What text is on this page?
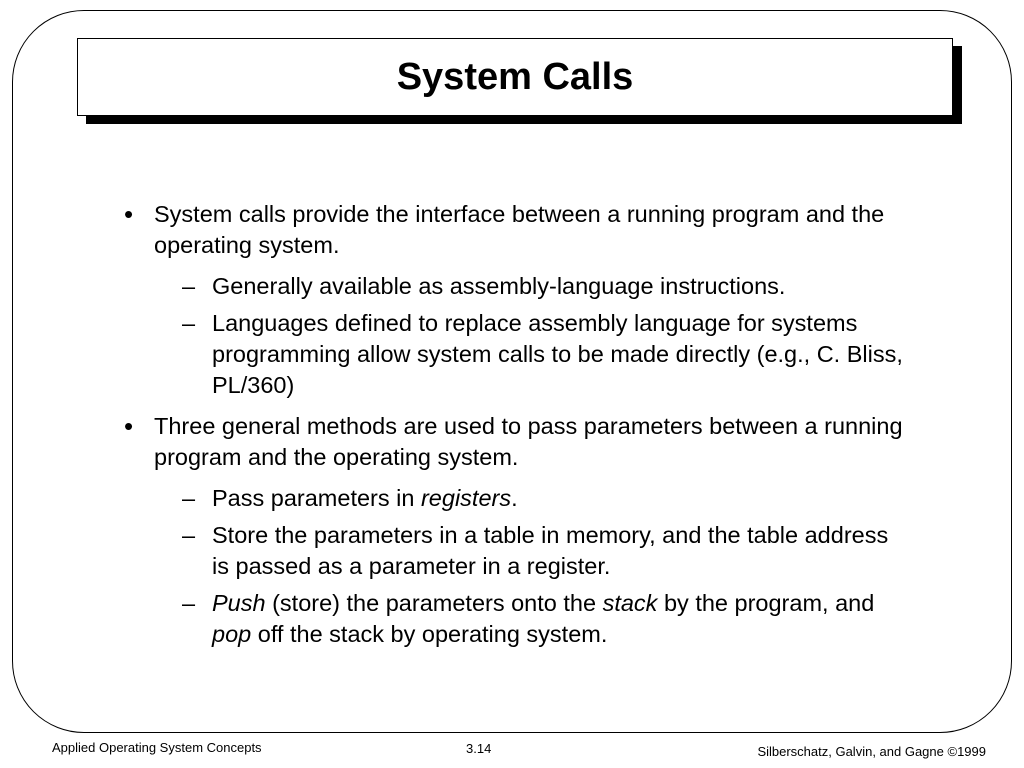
System Calls
• System calls provide the interface between a running program and the operating system.
– Generally available as assembly-language instructions.
– Languages defined to replace assembly language for systems programming allow system calls to be made directly (e.g., C. Bliss, PL/360)
• Three general methods are used to pass parameters between a running program and the operating system.
– Pass parameters in registers.
– Store the parameters in a table in memory, and the table address is passed as a parameter in a register.
– Push (store) the parameters onto the stack by the program, and pop off the stack by operating system.
Applied Operating System Concepts	3.14	Silberschatz, Galvin, and Gagne ©1999
